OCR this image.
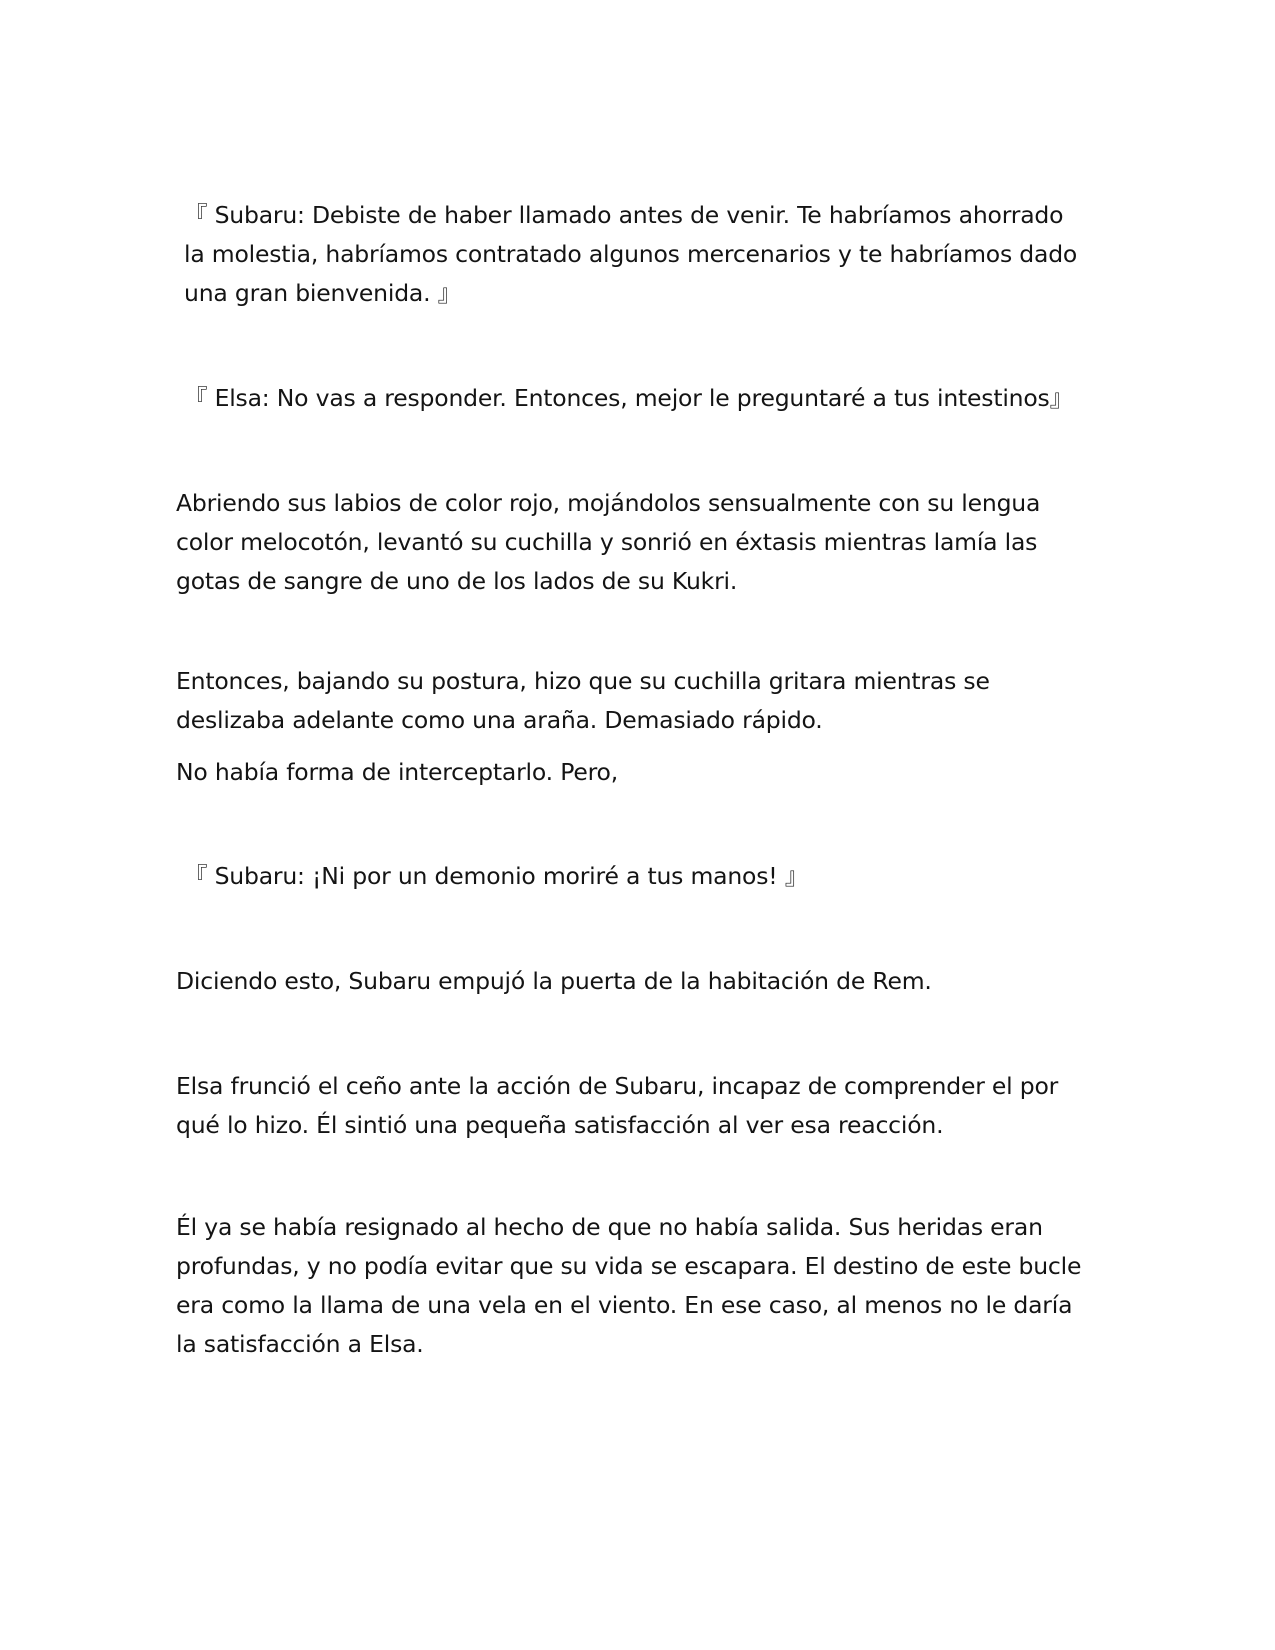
『 Subaru: Debiste de haber llamado antes de venir. Te habríamos ahorrado
la molestia, habríamos contratado algunos mercenarios y te habríamos dado
una gran bienvenida. 』

『 Elsa: No vas a responder. Entonces, mejor le preguntaré a tus intestinos』

Abriendo sus labios de color rojo, mojándolos sensualmente con su lengua
color melocotón, levantó su cuchilla y sonrió en éxtasis mientras lamía las
gotas de sangre de uno de los lados de su Kukri.

Entonces, bajando su postura, hizo que su cuchilla gritara mientras se
deslizaba adelante como una araña. Demasiado rápido.

No había forma de interceptarlo. Pero,

『 Subaru: ¡Ni por un demonio moriré a tus manos! 』

Diciendo esto, Subaru empujó la puerta de la habitación de Rem.

Elsa frunció el ceño ante la acción de Subaru, incapaz de comprender el por
qué lo hizo. Él sintió una pequeña satisfacción al ver esa reacción.

Él ya se había resignado al hecho de que no había salida. Sus heridas eran
profundas, y no podía evitar que su vida se escapara. El destino de este bucle
era como la llama de una vela en el viento. En ese caso, al menos no le daría
la satisfacción a Elsa.
